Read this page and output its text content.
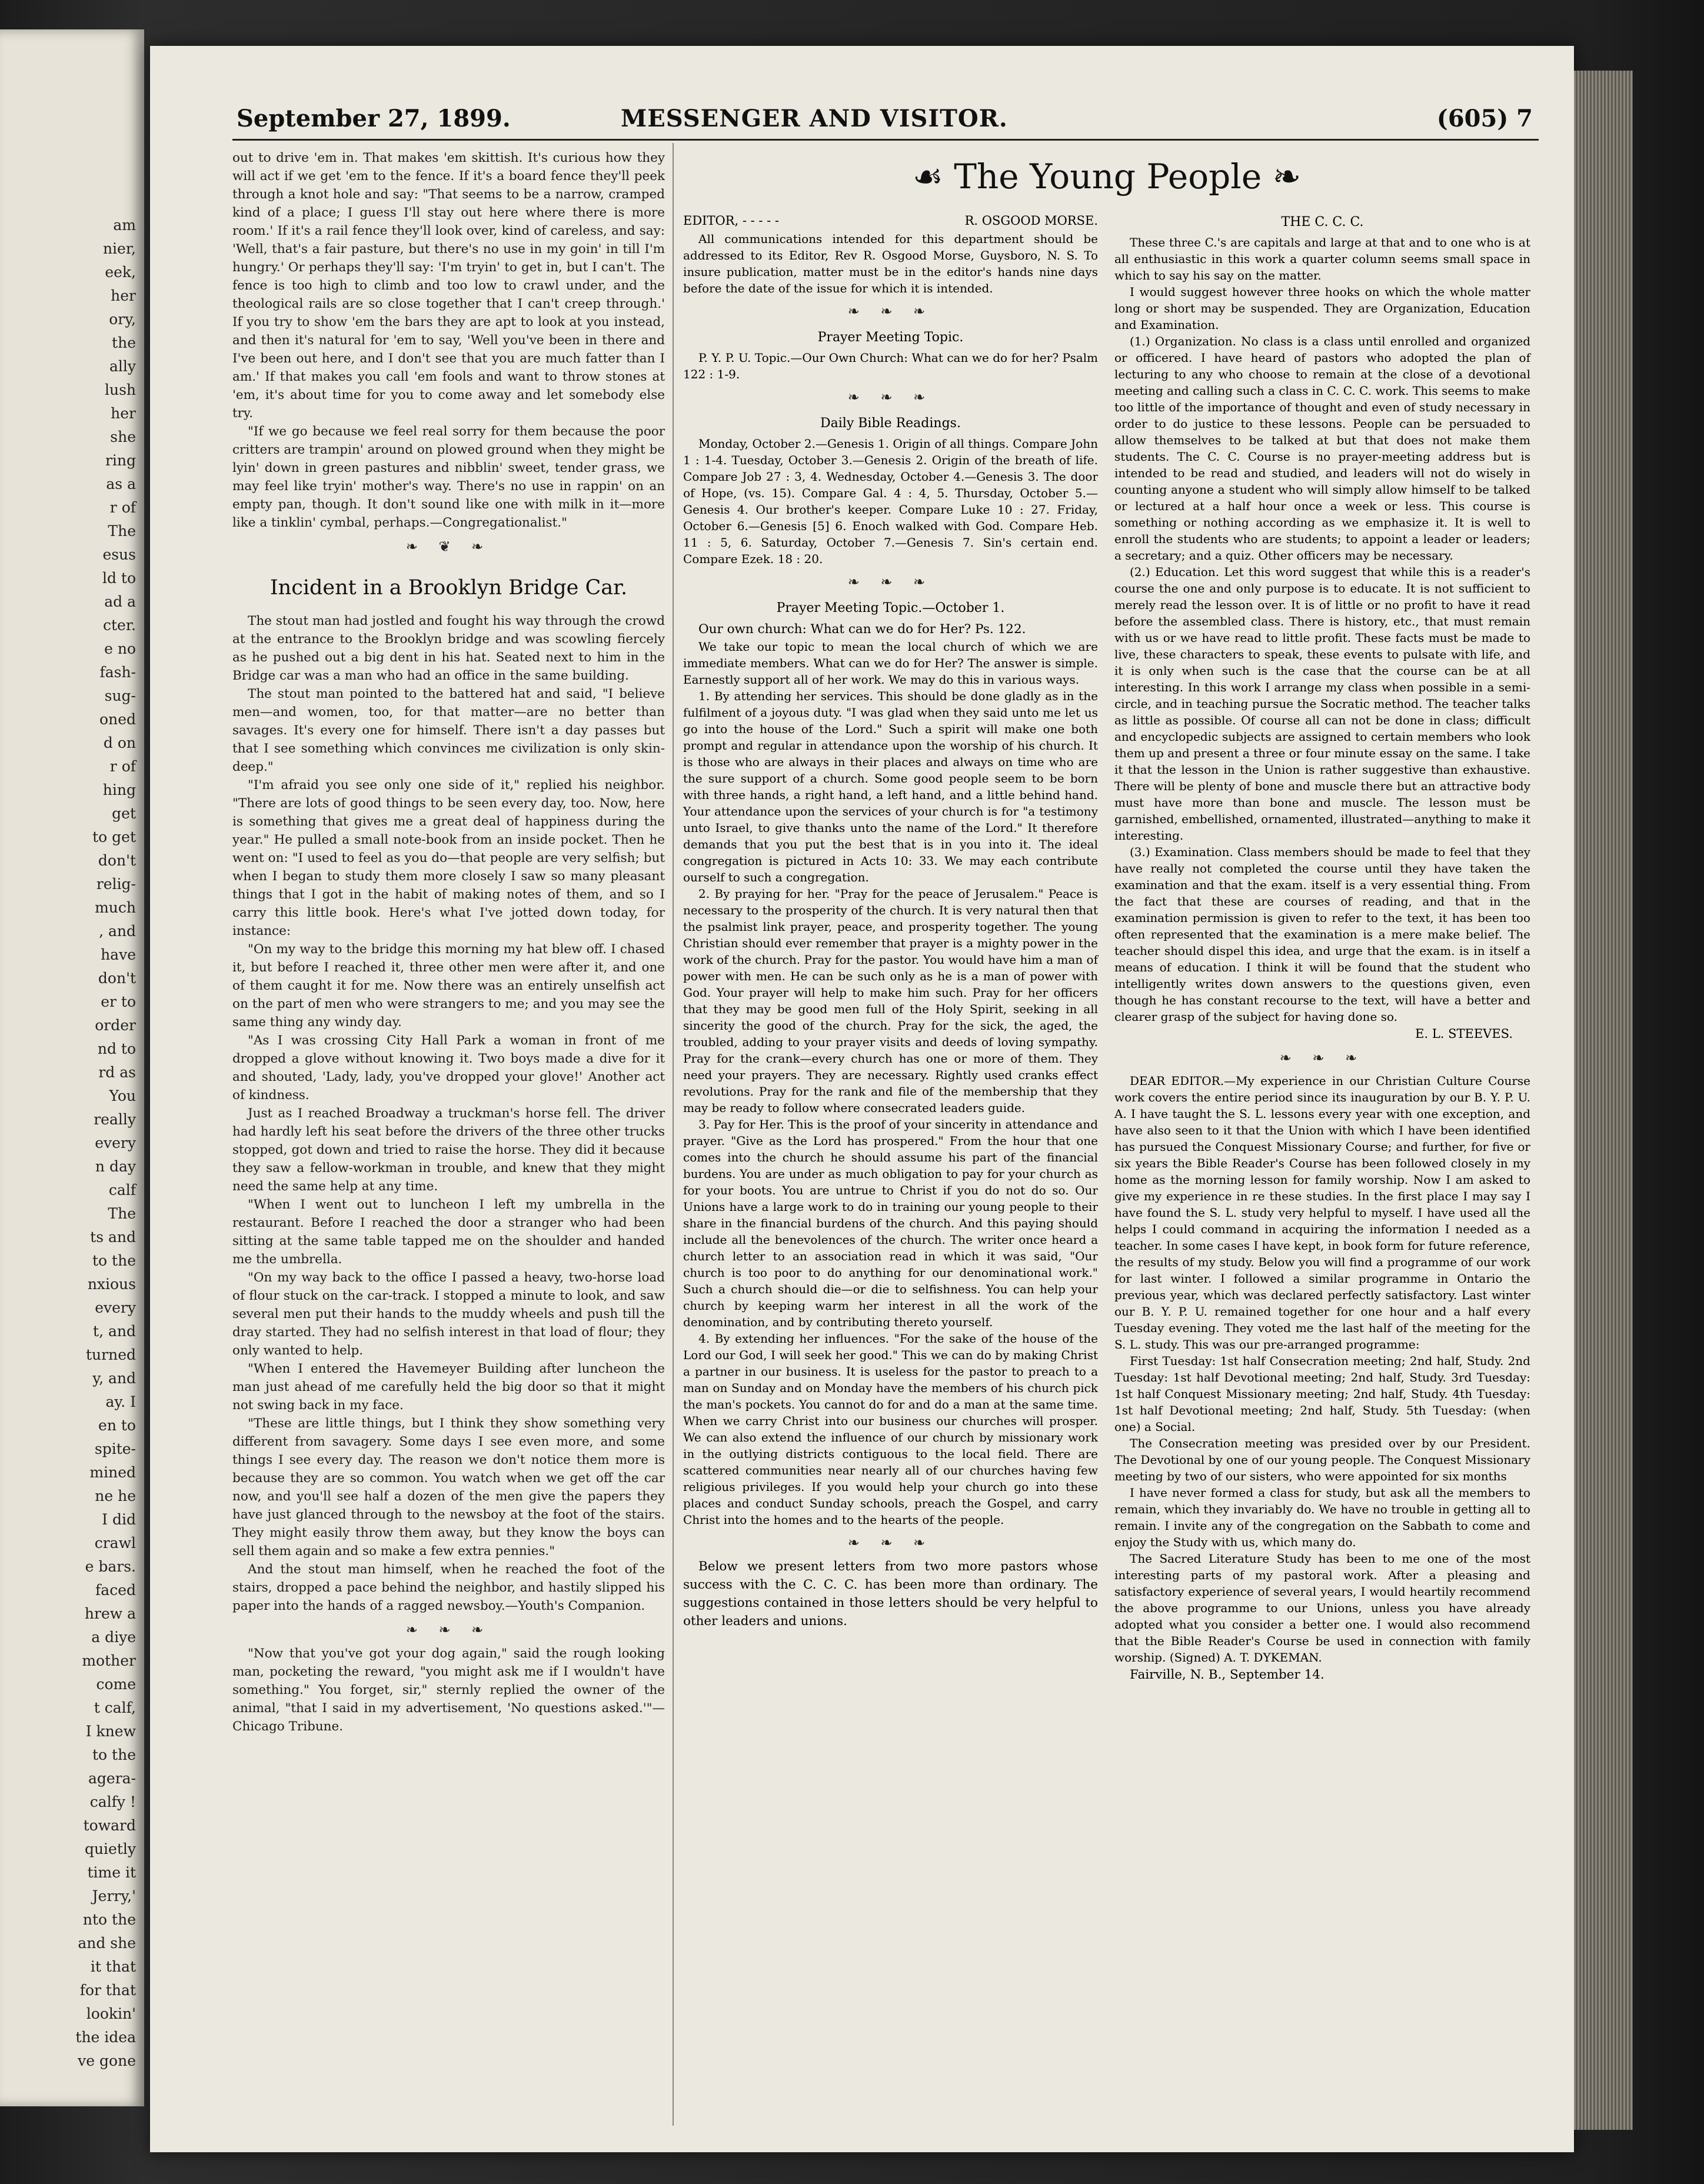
am
nier,
eek,
her
ory,
the
ally
lush
her
she
ring
as a
r of
The
esus
ld to
ad a
cter.
e no
fash-
sug-
oned
d on
r of
hing
get
to get
don't
relig-
much
, and
have
don't
er to
order
nd to
rd as
You
really
every
n day
calf
The
ts and
to the
nxious
every
t, and
turned
y, and
ay. I
en to
spite-
mined
ne he
I did
crawl
e bars.
faced
hrew a
a diye
mother
come
t calf,
I knew
to the
agera-
calfy !
toward
quietly
time it
Jerry,'
nto the
and she
it that
for that
lookin'
the idea
ve gone
September 27, 1899.	MESSENGER AND VISITOR.	(605) 7

out to drive 'em in. That makes 'em skittish. It's curious how they will act if we get 'em to the fence. If it's a board fence they'll peek through a knot hole and say: "That seems to be a narrow, cramped kind of a place; I guess I'll stay out here where there is more room.' If it's a rail fence they'll look over, kind of careless, and say: 'Well, that's a fair pasture, but there's no use in my goin' in till I'm hungry.' Or perhaps they'll say: 'I'm tryin' to get in, but I can't. The fence is too high to climb and too low to crawl under, and the theological rails are so close together that I can't creep through.' If you try to show 'em the bars they are apt to look at you instead, and then it's natural for 'em to say, 'Well you've been in there and I've been out here, and I don't see that you are much fatter than I am.' If that makes you call 'em fools and want to throw stones at 'em, it's about time for you to come away and let somebody else try.

"If we go because we feel real sorry for them because the poor critters are trampin' around on plowed ground when they might be lyin' down in green pastures and nibblin' sweet, tender grass, we may feel like tryin' mother's way. There's no use in rappin' on an empty pan, though. It don't sound like one with milk in it—more like a tinklin' cymbal, perhaps.—Congregationalist."

❧ ❦ ❧
Incident in a Brooklyn Bridge Car.

The stout man had jostled and fought his way through the crowd at the entrance to the Brooklyn bridge and was scowling fiercely as he pushed out a big dent in his hat. Seated next to him in the Bridge car was a man who had an office in the same building.

The stout man pointed to the battered hat and said, "I believe men—and women, too, for that matter—are no better than savages. It's every one for himself. There isn't a day passes but that I see something which convinces me civilization is only skin-deep."

"I'm afraid you see only one side of it," replied his neighbor. "There are lots of good things to be seen every day, too. Now, here is something that gives me a great deal of happiness during the year." He pulled a small note-book from an inside pocket. Then he went on: "I used to feel as you do—that people are very selfish; but when I began to study them more closely I saw so many pleasant things that I got in the habit of making notes of them, and so I carry this little book. Here's what I've jotted down today, for instance:

"On my way to the bridge this morning my hat blew off. I chased it, but before I reached it, three other men were after it, and one of them caught it for me. Now there was an entirely unselfish act on the part of men who were strangers to me; and you may see the same thing any windy day.

"As I was crossing City Hall Park a woman in front of me dropped a glove without knowing it. Two boys made a dive for it and shouted, 'Lady, lady, you've dropped your glove!' Another act of kindness.

Just as I reached Broadway a truckman's horse fell. The driver had hardly left his seat before the drivers of the three other trucks stopped, got down and tried to raise the horse. They did it because they saw a fellow-workman in trouble, and knew that they might need the same help at any time.

"When I went out to luncheon I left my umbrella in the restaurant. Before I reached the door a stranger who had been sitting at the same table tapped me on the shoulder and handed me the umbrella.

"On my way back to the office I passed a heavy, two-horse load of flour stuck on the car-track. I stopped a minute to look, and saw several men put their hands to the muddy wheels and push till the dray started. They had no selfish interest in that load of flour; they only wanted to help.

"When I entered the Havemeyer Building after luncheon the man just ahead of me carefully held the big door so that it might not swing back in my face.

"These are little things, but I think they show something very different from savagery. Some days I see even more, and some things I see every day. The reason we don't notice them more is because they are so common. You watch when we get off the car now, and you'll see half a dozen of the men give the papers they have just glanced through to the newsboy at the foot of the stairs. They might easily throw them away, but they know the boys can sell them again and so make a few extra pennies."

And the stout man himself, when he reached the foot of the stairs, dropped a pace behind the neighbor, and hastily slipped his paper into the hands of a ragged newsboy.—Youth's Companion.

❧ ❧ ❧

"Now that you've got your dog again," said the rough looking man, pocketing the reward, "you might ask me if I wouldn't have something." You forget, sir," sternly replied the owner of the animal, "that I said in my advertisement, 'No questions asked.'"—Chicago Tribune.

☙ The Young People ❧
EDITOR, - - - - -	R. OSGOOD MORSE.

All communications intended for this department should be addressed to its Editor, Rev R. Osgood Morse, Guysboro, N. S. To insure publication, matter must be in the editor's hands nine days before the date of the issue for which it is intended.

❧ ❧ ❧
Prayer Meeting Topic.

P. Y. P. U. Topic.—Our Own Church: What can we do for her? Psalm 122 : 1-9.

❧ ❧ ❧
Daily Bible Readings.

Monday, October 2.—Genesis 1. Origin of all things. Compare John 1 : 1-4. Tuesday, October 3.—Genesis 2. Origin of the breath of life. Compare Job 27 : 3, 4. Wednesday, October 4.—Genesis 3. The door of Hope, (vs. 15). Compare Gal. 4 : 4, 5. Thursday, October 5.—Genesis 4. Our brother's keeper. Compare Luke 10 : 27. Friday, October 6.—Genesis [5] 6. Enoch walked with God. Compare Heb. 11 : 5, 6. Saturday, October 7.—Genesis 7. Sin's certain end. Compare Ezek. 18 : 20.

❧ ❧ ❧
Prayer Meeting Topic.—October 1.

Our own church: What can we do for Her? Ps. 122.

We take our topic to mean the local church of which we are immediate members. What can we do for Her? The answer is simple. Earnestly support all of her work. We may do this in various ways.

1. By attending her services. This should be done gladly as in the fulfilment of a joyous duty. "I was glad when they said unto me let us go into the house of the Lord." Such a spirit will make one both prompt and regular in attendance upon the worship of his church. It is those who are always in their places and always on time who are the sure support of a church. Some good people seem to be born with three hands, a right hand, a left hand, and a little behind hand. Your attendance upon the services of your church is for "a testimony unto Israel, to give thanks unto the name of the Lord." It therefore demands that you put the best that is in you into it. The ideal congregation is pictured in Acts 10: 33. We may each contribute ourself to such a congregation.

2. By praying for her. "Pray for the peace of Jerusalem." Peace is necessary to the prosperity of the church. It is very natural then that the psalmist link prayer, peace, and prosperity together. The young Christian should ever remember that prayer is a mighty power in the work of the church. Pray for the pastor. You would have him a man of power with men. He can be such only as he is a man of power with God. Your prayer will help to make him such. Pray for her officers that they may be good men full of the Holy Spirit, seeking in all sincerity the good of the church. Pray for the sick, the aged, the troubled, adding to your prayer visits and deeds of loving sympathy. Pray for the crank—every church has one or more of them. They need your prayers. They are necessary. Rightly used cranks effect revolutions. Pray for the rank and file of the membership that they may be ready to follow where consecrated leaders guide.

3. Pay for Her. This is the proof of your sincerity in attendance and prayer. "Give as the Lord has prospered." From the hour that one comes into the church he should assume his part of the financial burdens. You are under as much obligation to pay for your church as for your boots. You are untrue to Christ if you do not do so. Our Unions have a large work to do in training our young people to their share in the financial burdens of the church. And this paying should include all the benevolences of the church. The writer once heard a church letter to an association read in which it was said, "Our church is too poor to do anything for our denominational work." Such a church should die—or die to selfishness. You can help your church by keeping warm her interest in all the work of the denomination, and by contributing thereto yourself.

4. By extending her influences. "For the sake of the house of the Lord our God, I will seek her good." This we can do by making Christ a partner in our business. It is useless for the pastor to preach to a man on Sunday and on Monday have the members of his church pick the man's pockets. You cannot do for and do a man at the same time. When we carry Christ into our business our churches will prosper. We can also extend the influence of our church by missionary work in the outlying districts contiguous to the local field. There are scattered communities near nearly all of our churches having few religious privileges. If you would help your church go into these places and conduct Sunday schools, preach the Gospel, and carry Christ into the homes and to the hearts of the people.

❧ ❧ ❧

Below we present letters from two more pastors whose success with the C. C. C. has been more than ordinary. The suggestions contained in those letters should be very helpful to other leaders and unions.

THE C. C. C.

These three C.'s are capitals and large at that and to one who is at all enthusiastic in this work a quarter column seems small space in which to say his say on the matter.

I would suggest however three hooks on which the whole matter long or short may be suspended. They are Organization, Education and Examination.

(1.) Organization. No class is a class until enrolled and organized or officered. I have heard of pastors who adopted the plan of lecturing to any who choose to remain at the close of a devotional meeting and calling such a class in C. C. C. work. This seems to make too little of the importance of thought and even of study necessary in order to do justice to these lessons. People can be persuaded to allow themselves to be talked at but that does not make them students. The C. C. Course is no prayer-meeting address but is intended to be read and studied, and leaders will not do wisely in counting anyone a student who will simply allow himself to be talked or lectured at a half hour once a week or less. This course is something or nothing according as we emphasize it. It is well to enroll the students who are students; to appoint a leader or leaders; a secretary; and a quiz. Other officers may be necessary.

(2.) Education. Let this word suggest that while this is a reader's course the one and only purpose is to educate. It is not sufficient to merely read the lesson over. It is of little or no profit to have it read before the assembled class. There is history, etc., that must remain with us or we have read to little profit. These facts must be made to live, these characters to speak, these events to pulsate with life, and it is only when such is the case that the course can be at all interesting. In this work I arrange my class when possible in a semi-circle, and in teaching pursue the Socratic method. The teacher talks as little as possible. Of course all can not be done in class; difficult and encyclopedic subjects are assigned to certain members who look them up and present a three or four minute essay on the same. I take it that the lesson in the Union is rather suggestive than exhaustive. There will be plenty of bone and muscle there but an attractive body must have more than bone and muscle. The lesson must be garnished, embellished, ornamented, illustrated—anything to make it interesting.

(3.) Examination. Class members should be made to feel that they have really not completed the course until they have taken the examination and that the exam. itself is a very essential thing. From the fact that these are courses of reading, and that in the examination permission is given to refer to the text, it has been too often represented that the examination is a mere make belief. The teacher should dispel this idea, and urge that the exam. is in itself a means of education. I think it will be found that the student who intelligently writes down answers to the questions given, even though he has constant recourse to the text, will have a better and clearer grasp of the subject for having done so.

E. L. STEEVES.
❧ ❧ ❧

DEAR EDITOR.—My experience in our Christian Culture Course work covers the entire period since its inauguration by our B. Y. P. U. A. I have taught the S. L. lessons every year with one exception, and have also seen to it that the Union with which I have been identified has pursued the Conquest Missionary Course; and further, for five or six years the Bible Reader's Course has been followed closely in my home as the morning lesson for family worship. Now I am asked to give my experience in re these studies. In the first place I may say I have found the S. L. study very helpful to myself. I have used all the helps I could command in acquiring the information I needed as a teacher. In some cases I have kept, in book form for future reference, the results of my study. Below you will find a programme of our work for last winter. I followed a similar programme in Ontario the previous year, which was declared perfectly satisfactory. Last winter our B. Y. P. U. remained together for one hour and a half every Tuesday evening. They voted me the last half of the meeting for the S. L. study. This was our pre-arranged programme:

First Tuesday: 1st half Consecration meeting; 2nd half, Study. 2nd Tuesday: 1st half Devotional meeting; 2nd half, Study. 3rd Tuesday: 1st half Conquest Missionary meeting; 2nd half, Study. 4th Tuesday: 1st half Devotional meeting; 2nd half, Study. 5th Tuesday: (when one) a Social.

The Consecration meeting was presided over by our President. The Devotional by one of our young people. The Conquest Missionary meeting by two of our sisters, who were appointed for six months

I have never formed a class for study, but ask all the members to remain, which they invariably do. We have no trouble in getting all to remain. I invite any of the congregation on the Sabbath to come and enjoy the Study with us, which many do.

The Sacred Literature Study has been to me one of the most interesting parts of my pastoral work. After a pleasing and satisfactory experience of several years, I would heartily recommend the above programme to our Unions, unless you have already adopted what you consider a better one. I would also recommend that the Bible Reader's Course be used in connection with family worship. (Signed) A. T. DYKEMAN.

Fairville, N. B., September 14.
